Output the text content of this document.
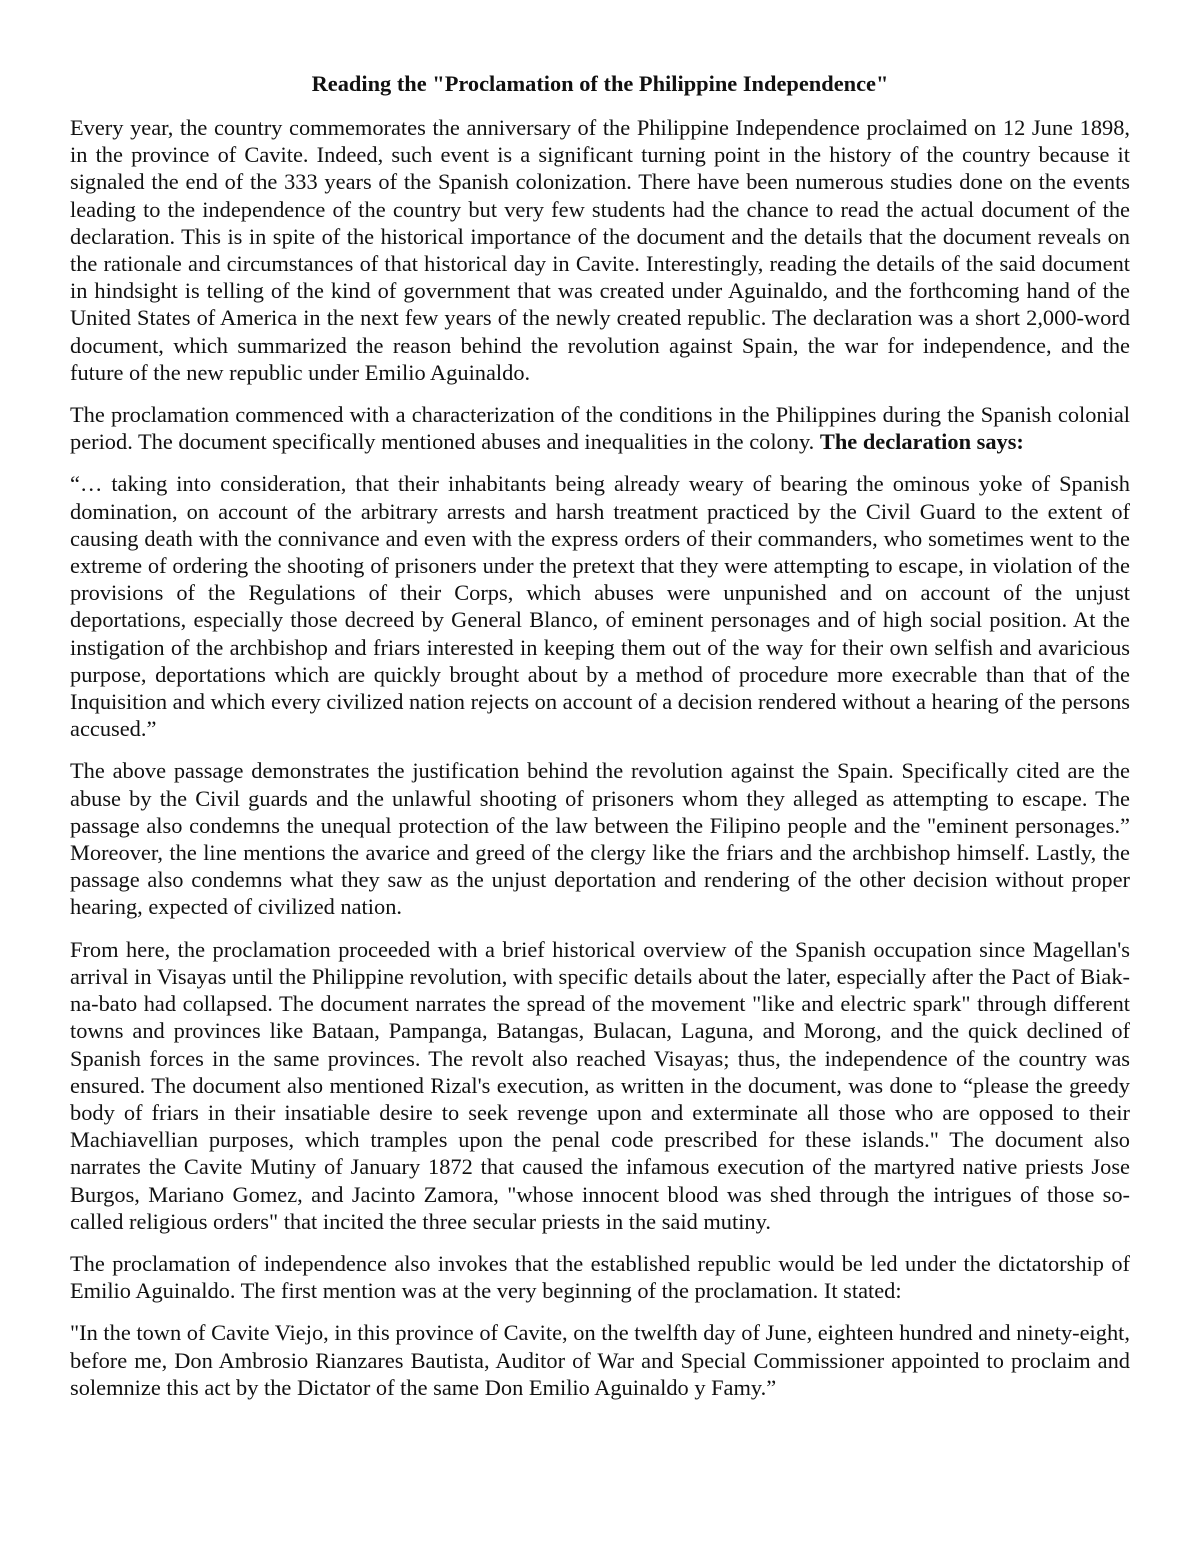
Reading the "Proclamation of the Philippine Independence"

Every year, the country commemorates the anniversary of the Philippine Independence proclaimed on 12 June 1898, in the province of Cavite. Indeed, such event is a significant turning point in the history of the country because it signaled the end of the 333 years of the Spanish colonization. There have been numerous studies done on the events leading to the independence of the country but very few students had the chance to read the actual document of the declaration. This is in spite of the historical importance of the document and the details that the document reveals on the rationale and circumstances of that historical day in Cavite. Interestingly, reading the details of the said document in hindsight is telling of the kind of government that was created under Aguinaldo, and the forthcoming hand of the United States of America in the next few years of the newly created republic. The declaration was a short 2,000-word document, which summarized the reason behind the revolution against Spain, the war for independence, and the future of the new republic under Emilio Aguinaldo.

The proclamation commenced with a characterization of the conditions in the Philippines during the Spanish colonial period. The document specifically mentioned abuses and inequalities in the colony. The declaration says:

“… taking into consideration, that their inhabitants being already weary of bearing the ominous yoke of Spanish domination, on account of the arbitrary arrests and harsh treatment practiced by the Civil Guard to the extent of causing death with the connivance and even with the express orders of their commanders, who sometimes went to the extreme of ordering the shooting of prisoners under the pretext that they were attempting to escape, in violation of the provisions of the Regulations of their Corps, which abuses were unpunished and on account of the unjust deportations, especially those decreed by General Blanco, of eminent personages and of high social position. At the instigation of the archbishop and friars interested in keeping them out of the way for their own selfish and avaricious purpose, deportations which are quickly brought about by a method of procedure more execrable than that of the Inquisition and which every civilized nation rejects on account of a decision rendered without a hearing of the persons accused.”

The above passage demonstrates the justification behind the revolution against the Spain. Specifically cited are the abuse by the Civil guards and the unlawful shooting of prisoners whom they alleged as attempting to escape. The passage also condemns the unequal protection of the law between the Filipino people and the "eminent personages.” Moreover, the line mentions the avarice and greed of the clergy like the friars and the archbishop himself. Lastly, the passage also condemns what they saw as the unjust deportation and rendering of the other decision without proper hearing, expected of civilized nation.

From here, the proclamation proceeded with a brief historical overview of the Spanish occupation since Magellan's arrival in Visayas until the Philippine revolution, with specific details about the later, especially after the Pact of Biak-na-bato had collapsed. The document narrates the spread of the movement "like and electric spark" through different towns and provinces like Bataan, Pampanga, Batangas, Bulacan, Laguna, and Morong, and the quick declined of Spanish forces in the same provinces. The revolt also reached Visayas; thus, the independence of the country was ensured. The document also mentioned Rizal's execution, as written in the document, was done to “please the greedy body of friars in their insatiable desire to seek revenge upon and exterminate all those who are opposed to their Machiavellian purposes, which tramples upon the penal code prescribed for these islands." The document also narrates the Cavite Mutiny of January 1872 that caused the infamous execution of the martyred native priests Jose Burgos, Mariano Gomez, and Jacinto Zamora, "whose innocent blood was shed through the intrigues of those so-called religious orders" that incited the three secular priests in the said mutiny.

The proclamation of independence also invokes that the established republic would be led under the dictatorship of Emilio Aguinaldo. The first mention was at the very beginning of the proclamation. It stated:

"In the town of Cavite Viejo, in this province of Cavite, on the twelfth day of June, eighteen hundred and ninety-eight, before me, Don Ambrosio Rianzares Bautista, Auditor of War and Special Commissioner appointed to proclaim and solemnize this act by the Dictator of the same Don Emilio Aguinaldo y Famy.”
